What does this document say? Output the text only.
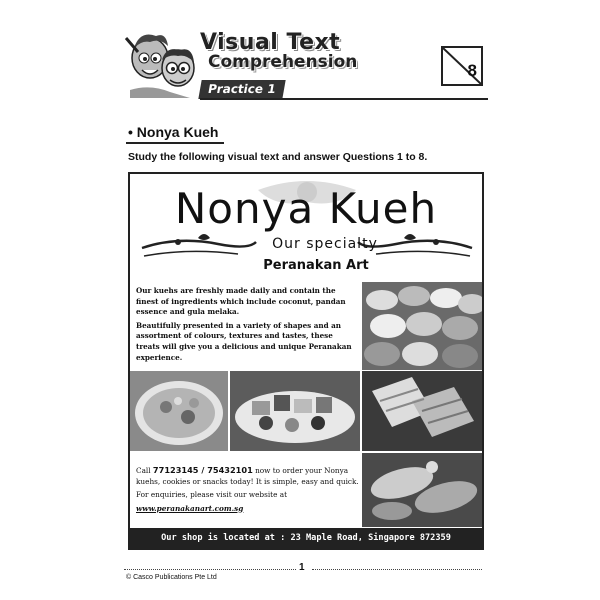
Visual Text
Comprehension
Practice 1
8
• Nonya Kueh
Study the following visual text and answer Questions 1 to 8.
Nonya Kueh
Our specialty
Peranakan Art

Our kuehs are freshly made daily and contain the finest of ingredients which include coconut, pandan essence and gula melaka.

Beautifully presented in a variety of shapes and an assortment of colours, textures and tastes, these treats will give you a delicious and unique Peranakan experience.

Call 77123145 / 75432101 now to order your Nonya kuehs, cookies or snacks today! It is simple, easy and quick.

For enquiries, please visit our website at

www.peranakanart.com.sg

Our shop is located at : 23 Maple Road, Singapore 872359
1
© Casco Publications Pte Ltd
